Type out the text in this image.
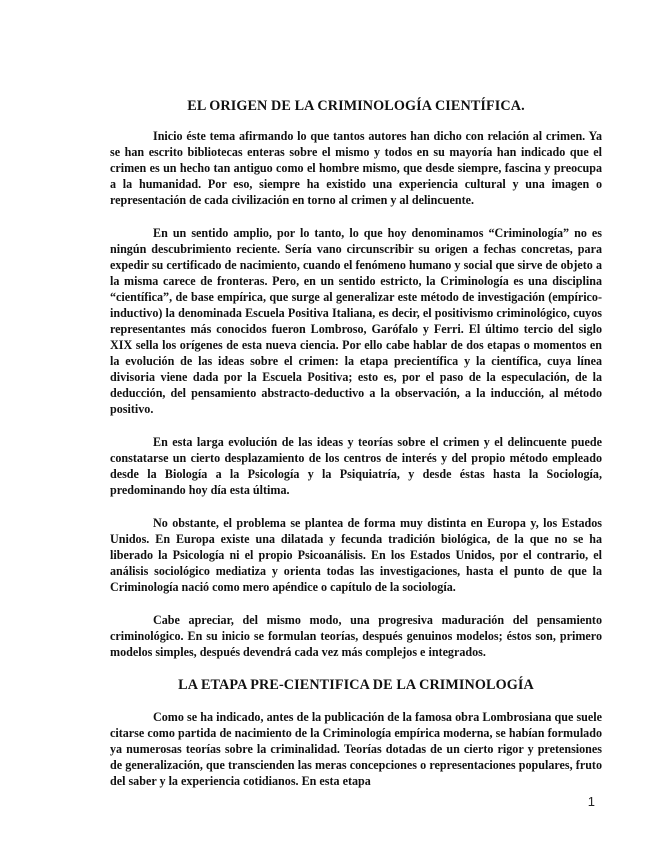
EL ORIGEN DE LA CRIMINOLOGÍA CIENTÍFICA.

Inicio éste tema afirmando lo que tantos autores han dicho con relación al crimen. Ya se han escrito bibliotecas enteras sobre el mismo y todos en su mayoría han indicado que el crimen es un hecho tan antiguo como el hombre mismo, que desde siempre, fascina y preocupa a la humanidad. Por eso, siempre ha existido una experiencia cultural y una imagen o representación de cada civilización en torno al crimen y al delincuente.

En un sentido amplio, por lo tanto, lo que hoy denominamos “Criminología” no es ningún descubrimiento reciente. Sería vano circunscribir su origen a fechas concretas, para expedir su certificado de nacimiento, cuando el fenómeno humano y social que sirve de objeto a la misma carece de fronteras. Pero, en un sentido estricto, la Criminología es una disciplina “científica”, de base empírica, que surge al generalizar este método de investigación (empírico-inductivo) la denominada Escuela Positiva Italiana, es decir, el positivismo criminológico, cuyos representantes más conocidos fueron Lombroso, Garófalo y Ferri. El último tercio del siglo XIX sella los orígenes de esta nueva ciencia. Por ello cabe hablar de dos etapas o momentos en la evolución de las ideas sobre el crimen: la etapa precientífica y la científica, cuya línea divisoria viene dada por la Escuela Positiva; esto es, por el paso de la especulación, de la deducción, del pensamiento abstracto-deductivo a la observación, a la inducción, al método positivo.

En esta larga evolución de las ideas y teorías sobre el crimen y el delincuente puede constatarse un cierto desplazamiento de los centros de interés y del propio método empleado desde la Biología a la Psicología y la Psiquiatría, y desde éstas hasta la Sociología, predominando hoy día esta última.

No obstante, el problema se plantea de forma muy distinta en Europa y, los Estados Unidos. En Europa existe una dilatada y fecunda tradición biológica, de la que no se ha liberado la Psicología ni el propio Psicoanálisis. En los Estados Unidos, por el contrario, el análisis sociológico mediatiza y orienta todas las investigaciones, hasta el punto de que la Criminología nació como mero apéndice o capítulo de la sociología.

Cabe apreciar, del mismo modo, una progresiva maduración del pensamiento criminológico. En su inicio se formulan teorías, después genuinos modelos; éstos son, primero modelos simples, después devendrá cada vez más complejos e integrados.

LA ETAPA PRE-CIENTIFICA DE LA CRIMINOLOGÍA

Como se ha indicado, antes de la publicación de la famosa obra Lombrosiana que suele citarse como partida de nacimiento de la Criminología empírica moderna, se habían formulado ya numerosas teorías sobre la criminalidad. Teorías dotadas de un cierto rigor y pretensiones de generalización, que transcienden las meras concepciones o representaciones populares, fruto del saber y la experiencia cotidianos. En esta etapa

1
